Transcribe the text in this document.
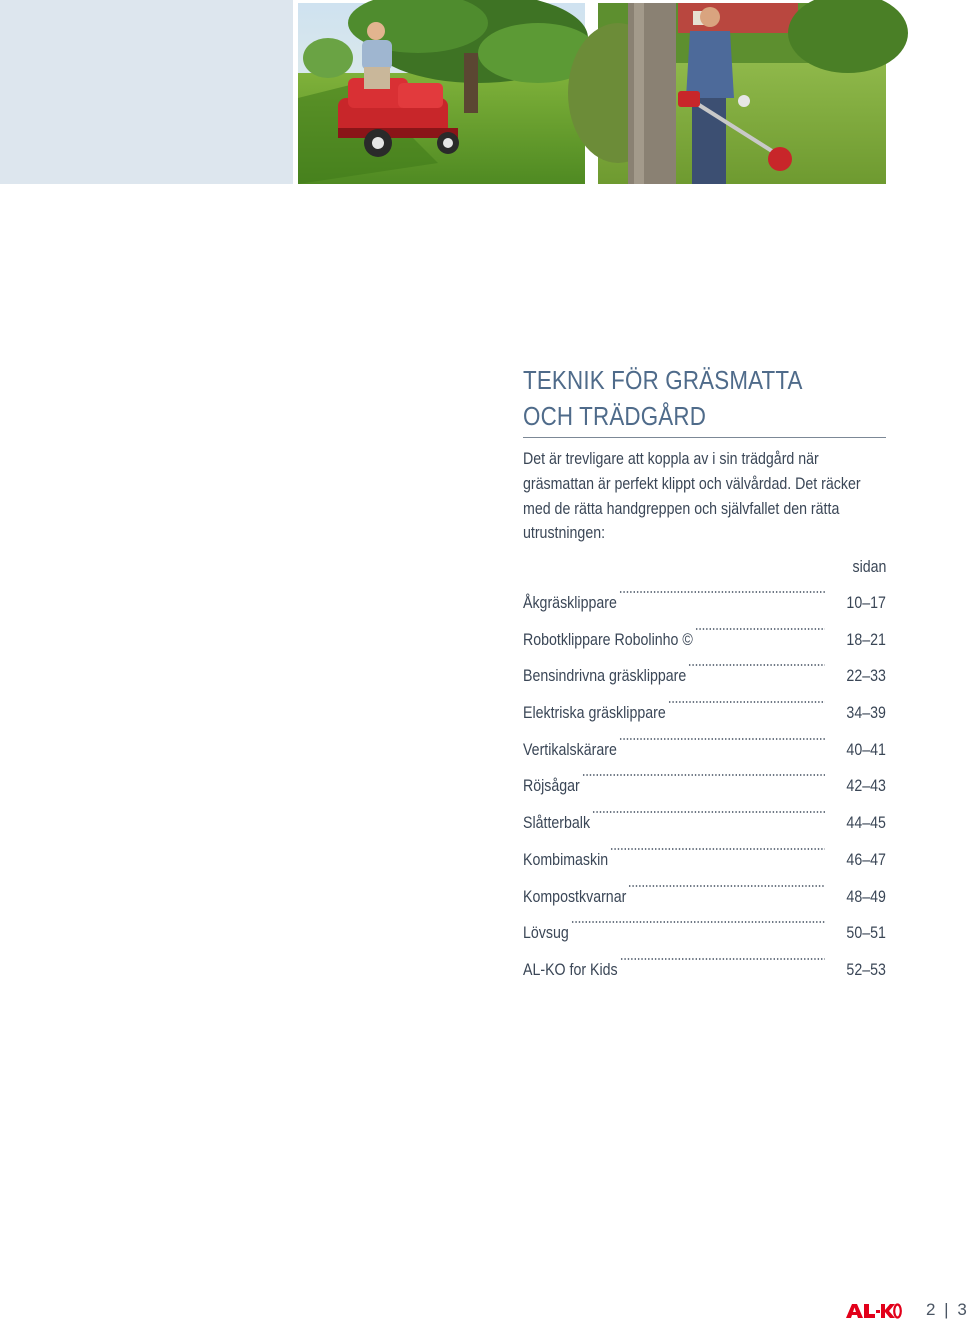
TEKNIK FÖR GRÄSMATTA
OCH TRÄDGÅRD
Det är trevligare att koppla av i sin trädgård när gräsmattan är perfekt klippt och välvårdad. Det räcker med de rätta handgreppen och självfallet den rätta utrustningen:
sidan
Åkgräsklippare	10–17
Robotklippare Robolinho ©	18–21
Bensindrivna gräsklippare	22–33
Elektriska gräsklippare	34–39
Vertikalskärare	40–41
Röjsågar	42–43
Slåtterbalk	44–45
Kombimaskin	46–47
Kompostkvarnar	48–49
Lövsug	50–51
AL-KO for Kids	52–53
2 | 3
